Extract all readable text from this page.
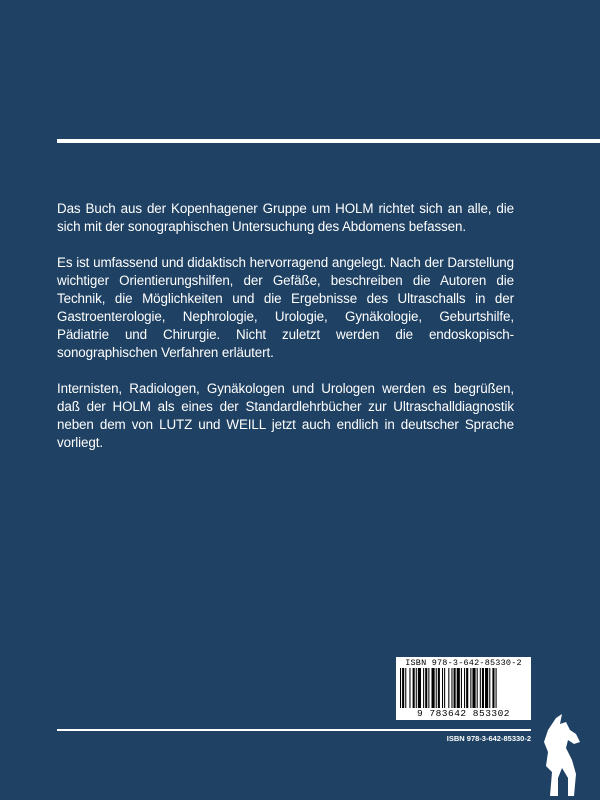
Das Buch aus der Kopenhagener Gruppe um HOLM richtet sich an alle, die sich mit der sonographischen Untersuchung des Abdomens befassen.

Es ist umfassend und didaktisch hervorragend angelegt. Nach der Darstellung wichtiger Orientierungshilfen, der Gefäße, beschreiben die Autoren die Technik, die Möglichkeiten und die Ergebnisse des Ultraschalls in der Gastroenterologie, Nephrologie, Urologie, Gynäkologie, Geburtshilfe, Pädiatrie und Chirurgie. Nicht zuletzt werden die endoskopisch-sonographischen Verfahren erläutert.

Internisten, Radiologen, Gynäkologen und Urologen werden es begrüßen, daß der HOLM als eines der Standardlehrbücher zur Ultraschalldiagnostik neben dem von LUTZ und WEILL jetzt auch endlich in deutscher Sprache vorliegt.

ISBN 978-3-642-85330-2
9 783642 853302
ISBN 978-3-642-85330-2
